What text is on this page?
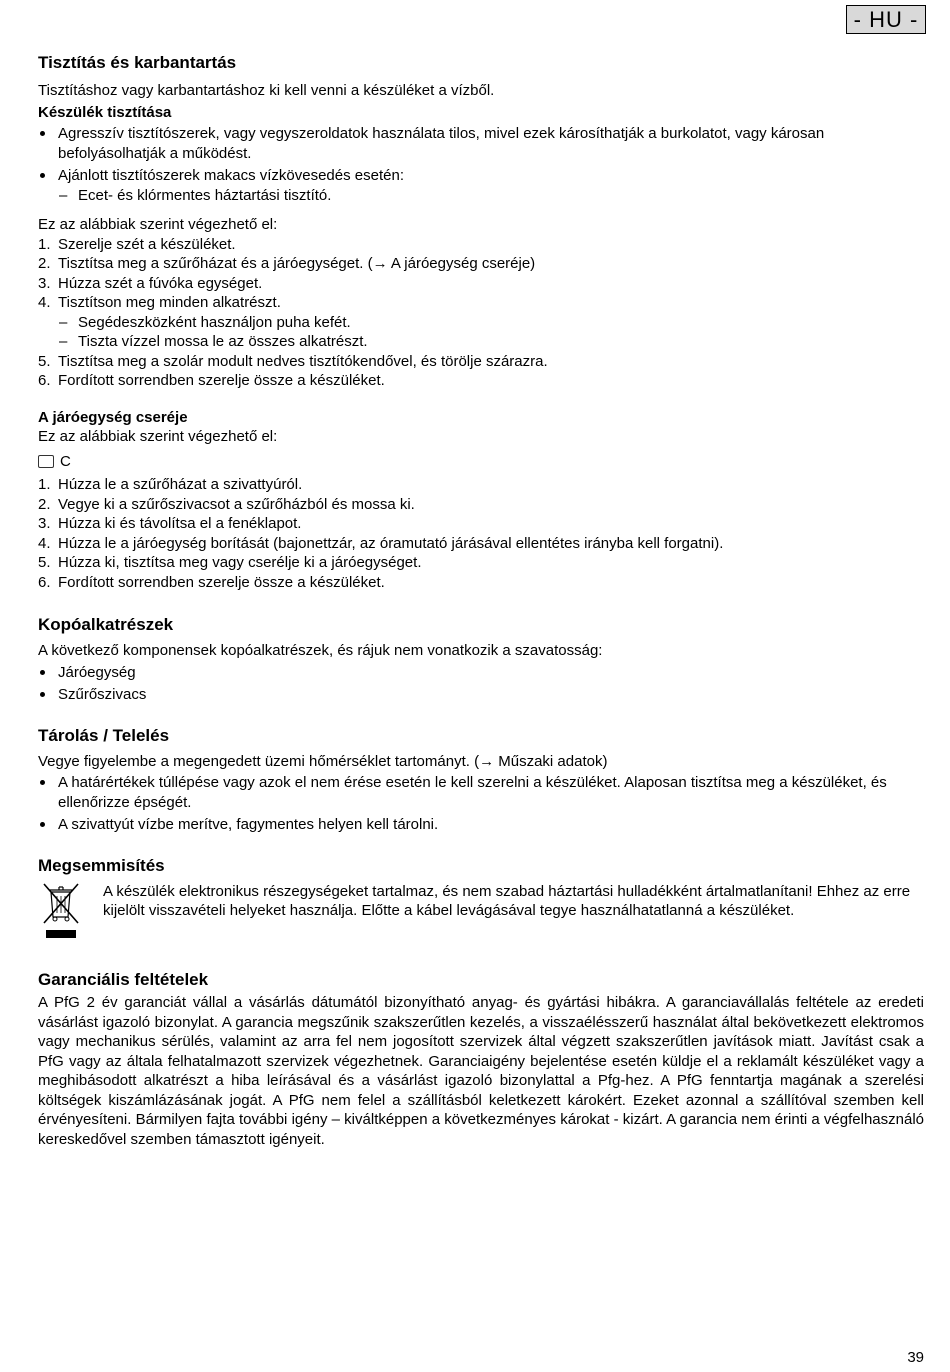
- HU -
Tisztítás és karbantartás

Tisztításhoz vagy karbantartáshoz ki kell venni a készüléket a vízből.

Készülék tisztítása

Agresszív tisztítószerek, vagy vegyszeroldatok használata tilos, mivel ezek károsíthatják a burkolatot, vagy károsan befolyásolhatják a működést.
Ajánlott tisztítószerek makacs vízkövesedés esetén:
– Ecet- és klórmentes háztartási tisztító.

Ez az alábbiak szerint végezhető el:

1. Szerelje szét a készüléket.
2. Tisztítsa meg a szűrőházat és a járóegységet. (→ A járóegység cseréje)
3. Húzza szét a fúvóka egységet.
4. Tisztítson meg minden alkatrészt.
– Segédeszközként használjon puha kefét.
– Tiszta vízzel mossa le az összes alkatrészt.
5. Tisztítsa meg a szolár modult nedves tisztítókendővel, és törölje szárazra.
6. Fordított sorrendben szerelje össze a készüléket.

A járóegység cseréje

Ez az alábbiak szerint végezhető el:

C
1. Húzza le a szűrőházat a szivattyúról.
2. Vegye ki a szűrőszivacsot a szűrőházból és mossa ki.
3. Húzza ki és távolítsa el a fenéklapot.
4. Húzza le a járóegység borítását (bajonettzár, az óramutató járásával ellentétes irányba kell forgatni).
5. Húzza ki, tisztítsa meg vagy cserélje ki a járóegységet.
6. Fordított sorrendben szerelje össze a készüléket.
Kopóalkatrészek

A következő komponensek kopóalkatrészek, és rájuk nem vonatkozik a szavatosság:

Járóegység
Szűrőszivacs
Tárolás / Telelés

Vegye figyelembe a megengedett üzemi hőmérséklet tartományt. (→ Műszaki adatok)

A határértékek túllépése vagy azok el nem érése esetén le kell szerelni a készüléket. Alaposan tisztítsa meg a készüléket, és ellenőrizze épségét.
A szivattyút vízbe merítve, fagymentes helyen kell tárolni.
Megsemmisítés

A készülék elektronikus részegységeket tartalmaz, és nem szabad háztartási hulladékként ártalmatlanítani! Ehhez az erre kijelölt visszavételi helyeket használja. Előtte a kábel levágásával tegye használhatatlanná a készüléket.

Garanciális feltételek

A PfG 2 év garanciát vállal a vásárlás dátumától bizonyítható anyag- és gyártási hibákra. A garanciavállalás feltétele az eredeti vásárlást igazoló bizonylat. A garancia megszűnik szakszerűtlen kezelés, a visszaélésszerű használat által bekövetkezett elektromos vagy mechanikus sérülés, valamint az arra fel nem jogosított szervizek által végzett szakszerűtlen javítások miatt. Javítást csak a PfG vagy az általa felhatalmazott szervizek végezhetnek. Garanciaigény bejelentése esetén küldje el a reklamált készüléket vagy a meghibásodott alkatrészt a hiba leírásával és a vásárlást igazoló bizonylattal a Pfg-hez. A PfG fenntartja magának a szerelési költségek kiszámlázásának jogát. A PfG nem felel a szállításból keletkezett károkért. Ezeket azonnal a szállítóval szemben kell érvényesíteni. Bármilyen fajta további igény – kiváltképpen a következményes károkat - kizárt. A garancia nem érinti a végfelhasználó kereskedővel szemben támasztott igényeit.

39
